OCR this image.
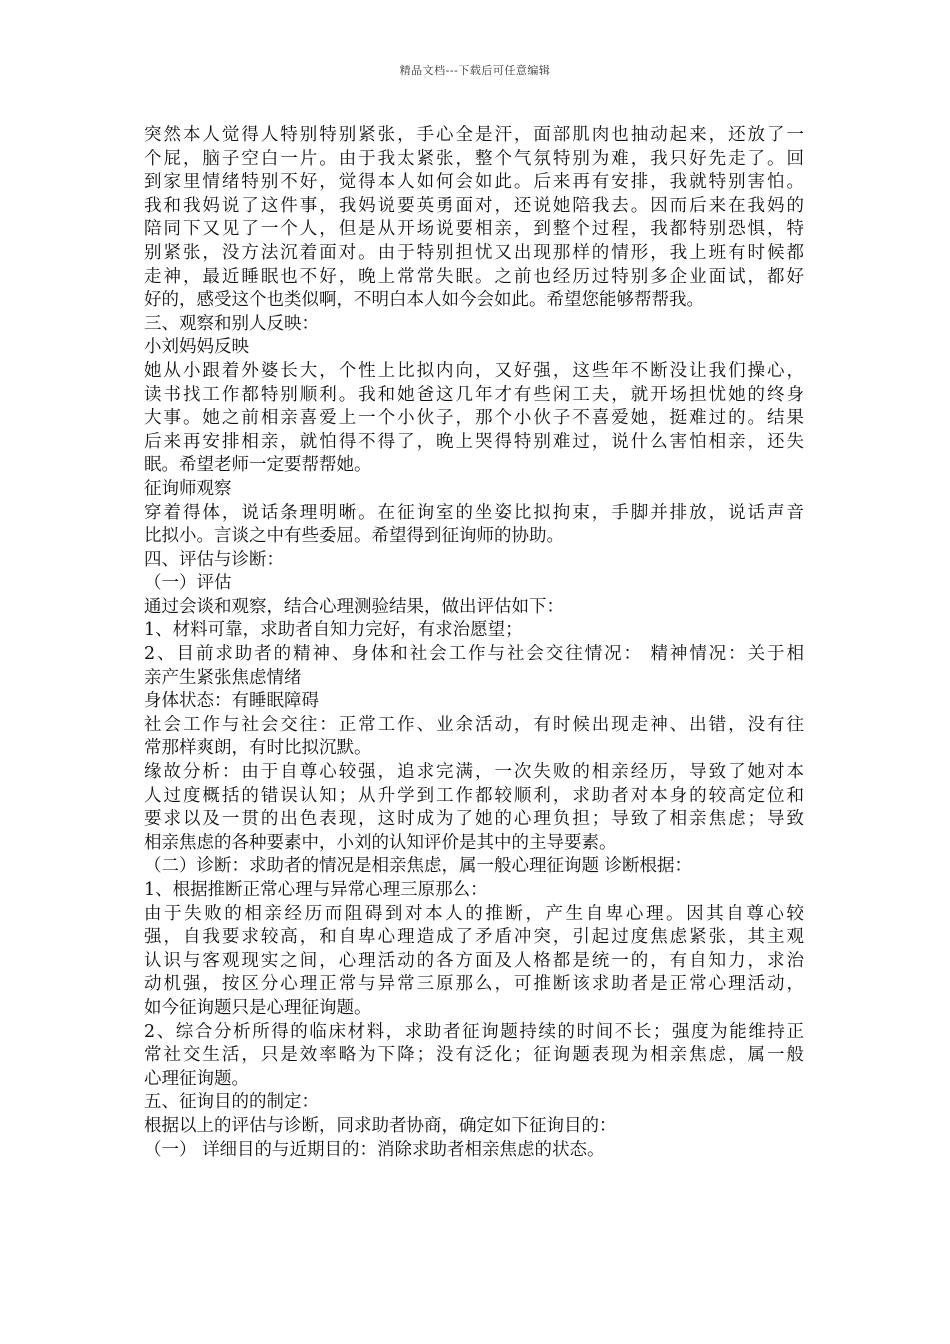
精品文档---下载后可任意编辑
突然本人觉得人特别特别紧张，手心全是汗，面部肌肉也抽动起来，还放了一
个屁，脑子空白一片。由于我太紧张，整个气氛特别为难，我只好先走了。回
到家里情绪特别不好，觉得本人如何会如此。后来再有安排，我就特别害怕。
我和我妈说了这件事，我妈说要英勇面对，还说她陪我去。因而后来在我妈的
陪同下又见了一个人，但是从开场说要相亲，到整个过程，我都特别恐惧，特
别紧张，没方法沉着面对。由于特别担忧又出现那样的情形，我上班有时候都
走神，最近睡眠也不好，晚上常常失眠。之前也经历过特别多企业面试，都好
好的，感受这个也类似啊，不明白本人如今会如此。希望您能够帮帮我。
三、观察和别人反映：
小刘妈妈反映
她从小跟着外婆长大，个性上比拟内向，又好强，这些年不断没让我们操心，
读书找工作都特别顺利。我和她爸这几年才有些闲工夫，就开场担忧她的终身
大事。她之前相亲喜爱上一个小伙子，那个小伙子不喜爱她，挺难过的。结果
后来再安排相亲，就怕得不得了，晚上哭得特别难过，说什么害怕相亲，还失
眠。希望老师一定要帮帮她。
征询师观察
穿着得体，说话条理明晰。在征询室的坐姿比拟拘束，手脚并排放，说话声音
比拟小。言谈之中有些委屈。希望得到征询师的协助。
四、评估与诊断：
（一）评估
通过会谈和观察，结合心理测验结果，做出评估如下：
1、材料可靠，求助者自知力完好，有求治愿望；
2、目前求助者的精神、身体和社会工作与社会交往情况： 精神情况：关于相
亲产生紧张焦虑情绪
身体状态：有睡眠障碍
社会工作与社会交往：正常工作、业余活动，有时候出现走神、出错，没有往
常那样爽朗，有时比拟沉默。
缘故分析：由于自尊心较强，追求完满，一次失败的相亲经历，导致了她对本
人过度概括的错误认知；从升学到工作都较顺利，求助者对本身的较高定位和
要求以及一贯的出色表现，这时成为了她的心理负担；导致了相亲焦虑；导致
相亲焦虑的各种要素中，小刘的认知评价是其中的主导要素。
（二）诊断：求助者的情况是相亲焦虑，属一般心理征询题 诊断根据：
1、根据推断正常心理与异常心理三原那么：
由于失败的相亲经历而阻碍到对本人的推断，产生自卑心理。因其自尊心较
强，自我要求较高，和自卑心理造成了矛盾冲突，引起过度焦虑紧张，其主观
认识与客观现实之间，心理活动的各方面及人格都是统一的，有自知力，求治
动机强，按区分心理正常与异常三原那么，可推断该求助者是正常心理活动，
如今征询题只是心理征询题。
2、综合分析所得的临床材料，求助者征询题持续的时间不长；强度为能维持正
常社交生活，只是效率略为下降；没有泛化；征询题表现为相亲焦虑，属一般
心理征询题。
五、征询目的的制定：
根据以上的评估与诊断，同求助者协商，确定如下征询目的：
（一） 详细目的与近期目的：消除求助者相亲焦虑的状态。
